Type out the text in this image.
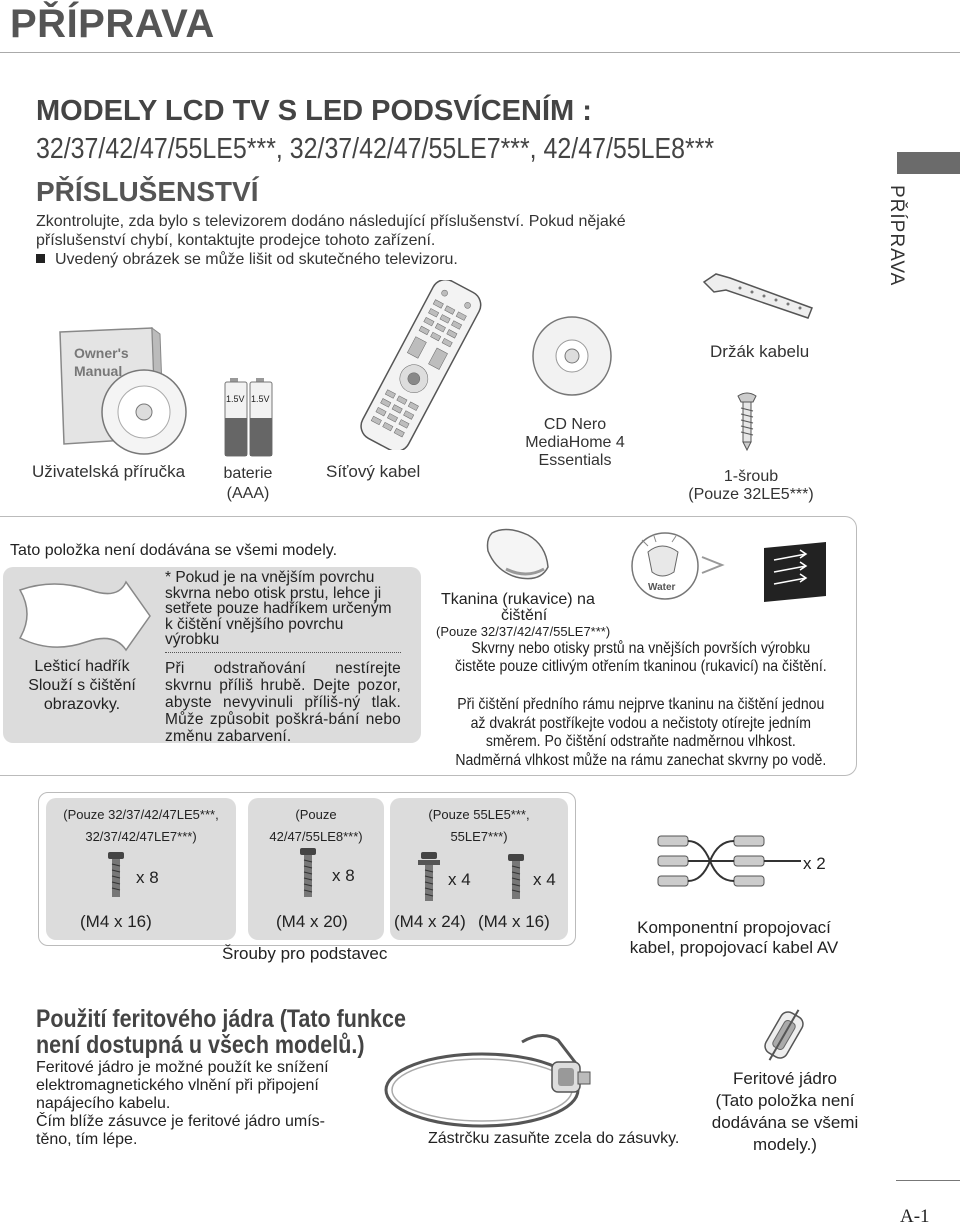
PŘÍPRAVA
PŘÍPRAVA
MODELY LCD TV S LED PODSVÍCENÍM :
32/37/42/47/55LE5***, 32/37/42/47/55LE7***, 42/47/55LE8***
PŘÍSLUŠENSTVÍ
Zkontrolujte, zda bylo s televizorem dodáno následující příslušenství. Pokud nějaké
příslušenství chybí, kontaktujte prodejce tohoto zařízení.
Uvedený obrázek se může lišit od skutečného televizoru.
Owner's
Manual
Uživatelská příručka
1.5V 1.5V
baterie
(AAA)
Síťový kabel
CD Nero
MediaHome 4
Essentials
Držák kabelu
1-šroub
(Pouze 32LE5***)
Tato položka není dodávána se všemi modely.
Lešticí hadřík
Slouží s čištění
obrazovky.
* Pokud je na vnějším povrchu skvrna nebo otisk prstu, lehce ji setřete pouze hadříkem určeným k čištění vnějšího povrchu výrobku
Při odstraňování nestírejte skvrnu příliš hrubě. Dejte pozor, abyste nevyvinuli příliš-ný tlak. Může způsobit poškrá-bání nebo změnu zabarvení.
Water
Tkanina (rukavice) na
čištění
(Pouze 32/37/42/47/55LE7***)
Skvrny nebo otisky prstů na vnějších površích výrobku
čistěte pouze citlivým otřením tkaninou (rukavicí) na čištění.
Při čištění předního rámu nejprve tkaninu na čištění jednou
až dvakrát postříkejte vodou a nečistoty otírejte jedním
směrem. Po čištění odstraňte nadměrnou vlhkost.
Nadměrná vlhkost může na rámu zanechat skvrny po vodě.
(Pouze 32/37/42/47LE5***,
32/37/42/47LE7***)
(Pouze
42/47/55LE8***)
(Pouze 55LE5***,
55LE7***)
x 8
(M4 x 16)
x 8
(M4 x 20)
x 4	x 4
(M4 x 24) (M4 x 16)
Šrouby pro podstavec
x 2
Komponentní propojovací
kabel, propojovací kabel AV
Použití feritového jádra (Tato funkce
není dostupná u všech modelů.)
Feritové jádro je možné použít ke snížení
elektromagnetického vlnění při připojení
napájecího kabelu.
Čím blíže zásuvce je feritové jádro umís-
těno, tím lépe.	Zástrčku zasuňte zcela do zásuvky.
Feritové jádro
(Tato položka není
dodávána se všemi
modely.)
A-1
